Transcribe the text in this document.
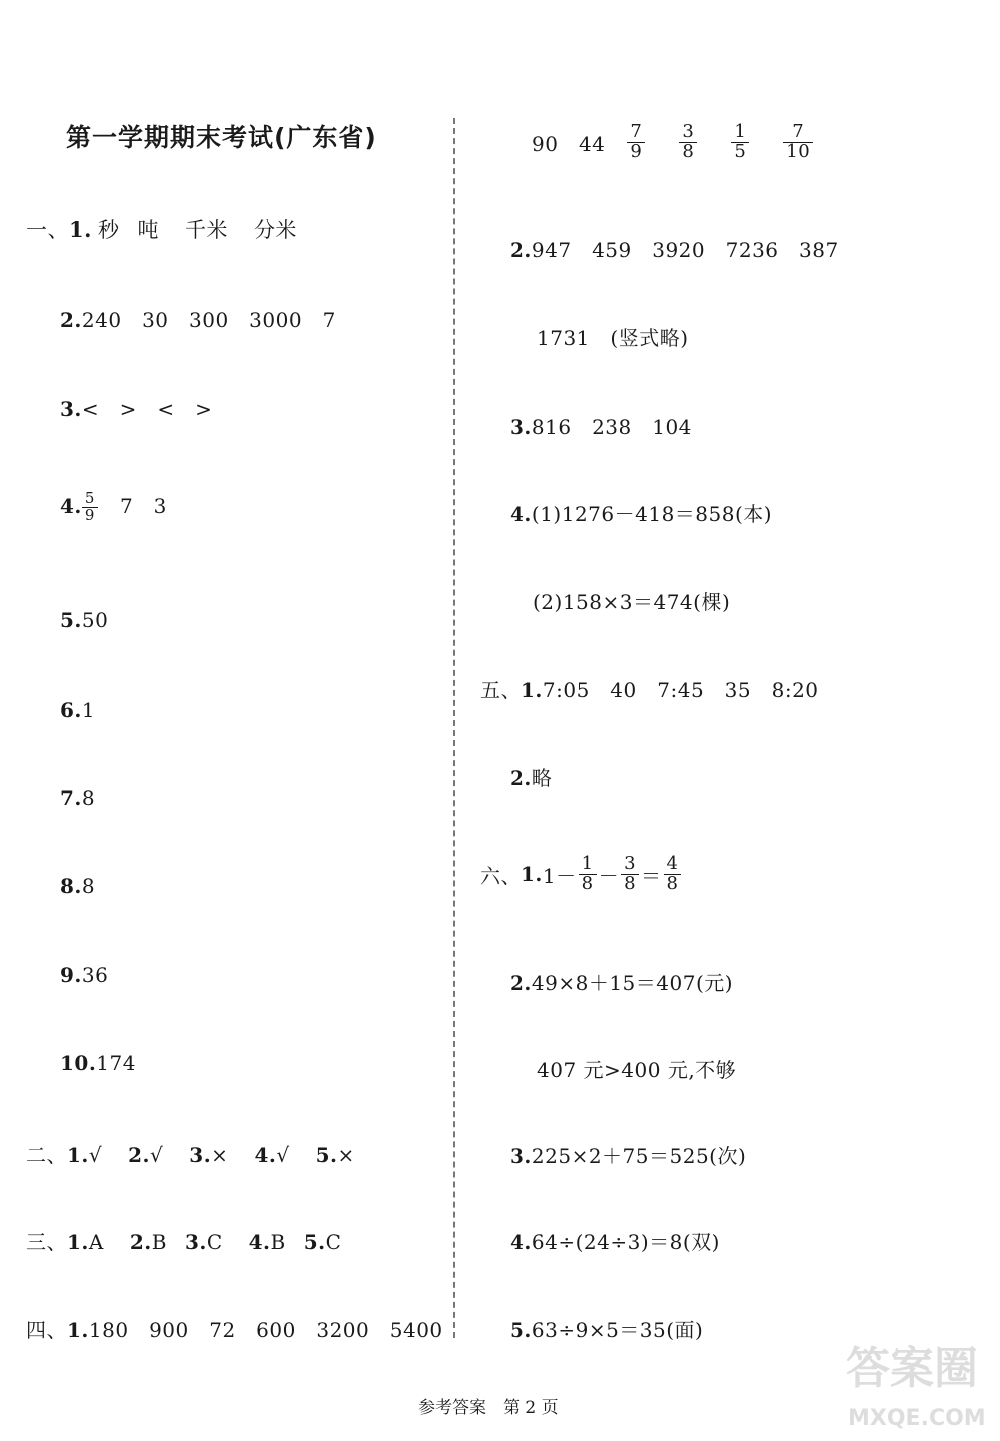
第一学期期末考试(广东省)
一、1. 秒 吨 千米 分米
2.240　30　300　3000　7
3.<　>　<　>
4. $\frac{5}{9} 7$　3
5.50
6.1
7.8
8.8
9.36
10.174
二、1.√ 2.√ 3.× 4.√ 5.×
三、1.A 2.B 3.C 4.B 5.C
四、1.180　900　72　600　3200　5400
90　$44 \frac{7}{9} \frac{3}{8} \frac{1}{5} \frac{7}{10}$
2.947　459　3920　7236　387
1731　(竖式略)
3.816　238　104
4.(1)1276－418＝858(本)
(2)158×3＝474(棵)
五、1.7:05　40　7:45　35　8:20
2.略
六、 1. $1- \frac{1}{8} - \frac{3}{8} = \frac{4}{8}$
2.49×8＋15＝407(元)
407 元>400 元,不够
3.225×2＋75＝525(次)
4.64÷(24÷3)＝8(双)
5.63÷9×5＝35(面)
参考答案　第 2 页
答案圈
MXQE.COM
